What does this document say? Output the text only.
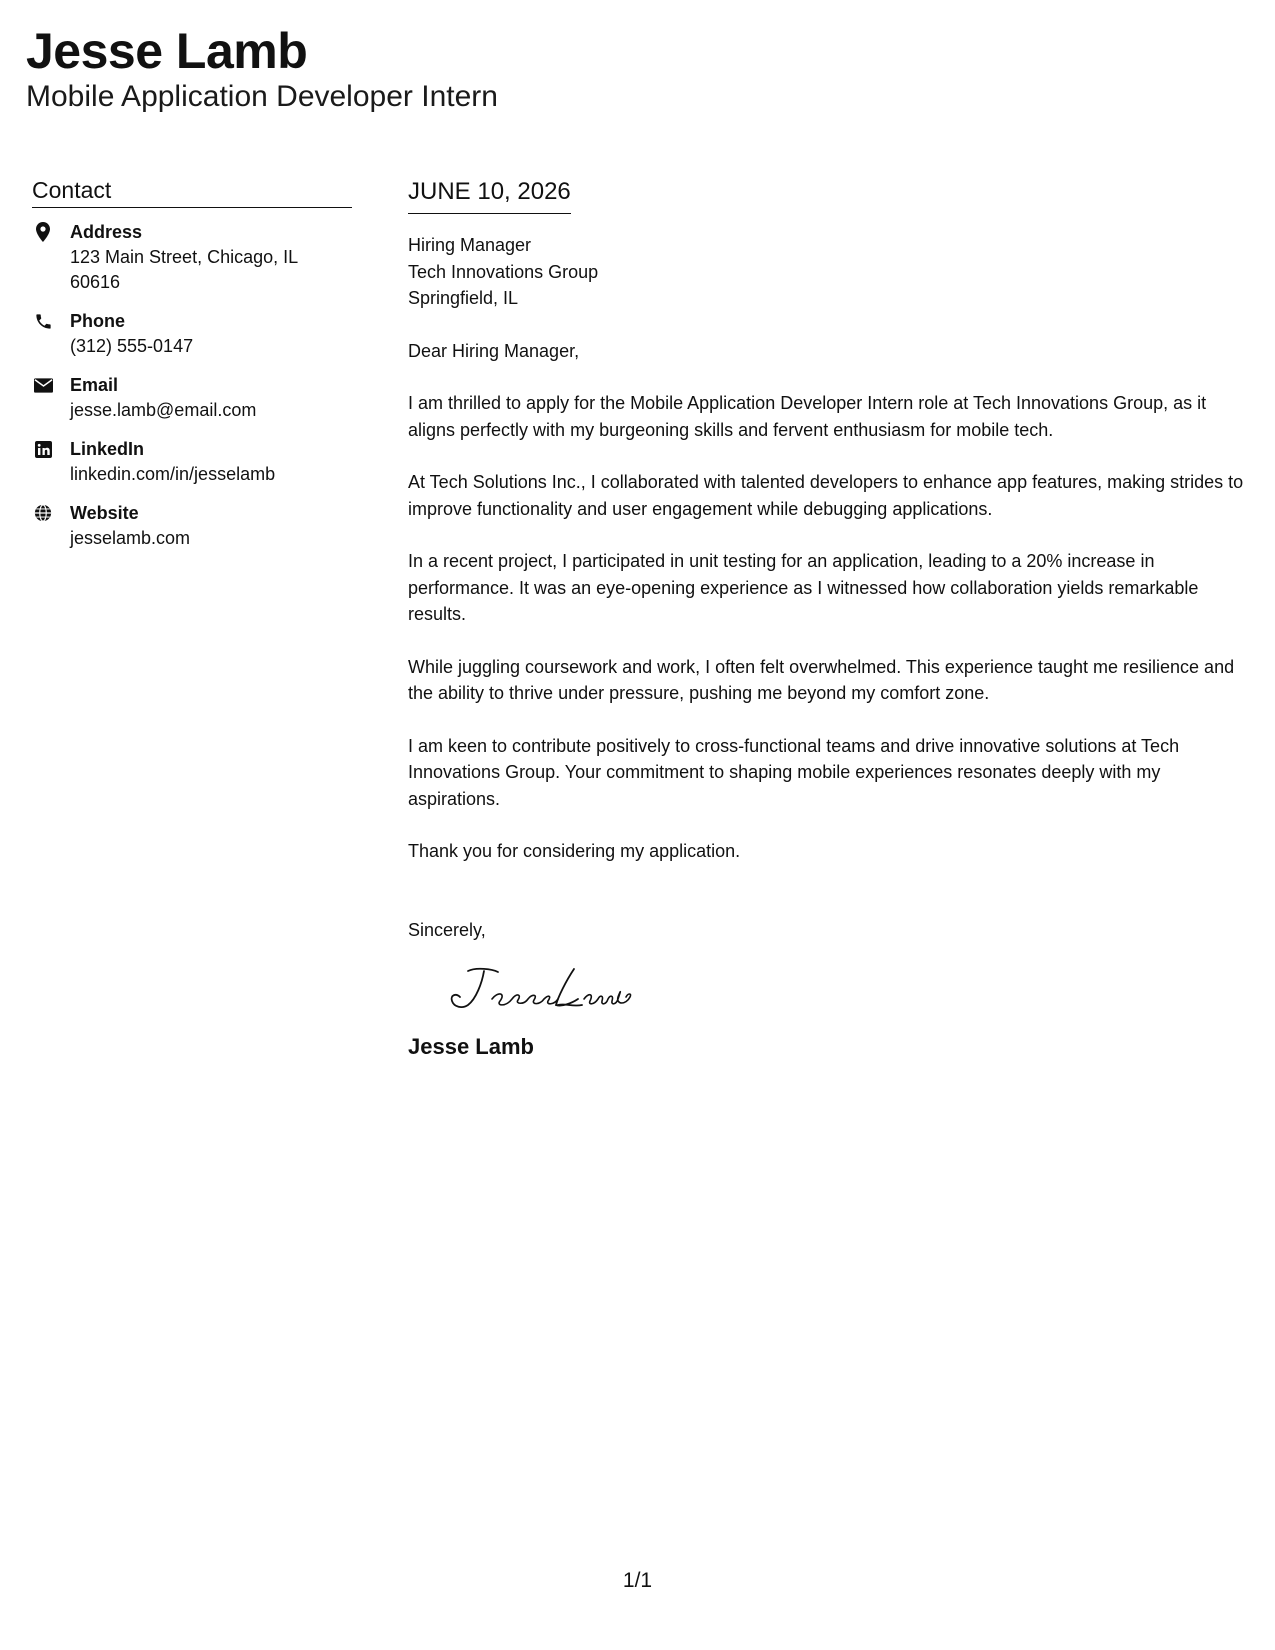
Jesse Lamb

Mobile Application Developer Intern

Contact
Address
123 Main Street, Chicago, IL 60616
Phone
(312) 555-0147
Email
jesse.lamb@email.com
LinkedIn
linkedin.com/in/jesselamb
Website
jesselamb.com
JUNE 10, 2026
Hiring Manager
Tech Innovations Group
Springfield, IL

Dear Hiring Manager,

I am thrilled to apply for the Mobile Application Developer Intern role at Tech Innovations Group, as it aligns perfectly with my burgeoning skills and fervent enthusiasm for mobile tech.

At Tech Solutions Inc., I collaborated with talented developers to enhance app features, making strides to improve functionality and user engagement while debugging applications.

In a recent project, I participated in unit testing for an application, leading to a 20% increase in performance. It was an eye-opening experience as I witnessed how collaboration yields remarkable results.

While juggling coursework and work, I often felt overwhelmed. This experience taught me resilience and the ability to thrive under pressure, pushing me beyond my comfort zone.

I am keen to contribute positively to cross-functional teams and drive innovative solutions at Tech Innovations Group. Your commitment to shaping mobile experiences resonates deeply with my aspirations.

Thank you for considering my application.

Sincerely,
Jesse Lamb
1/1
